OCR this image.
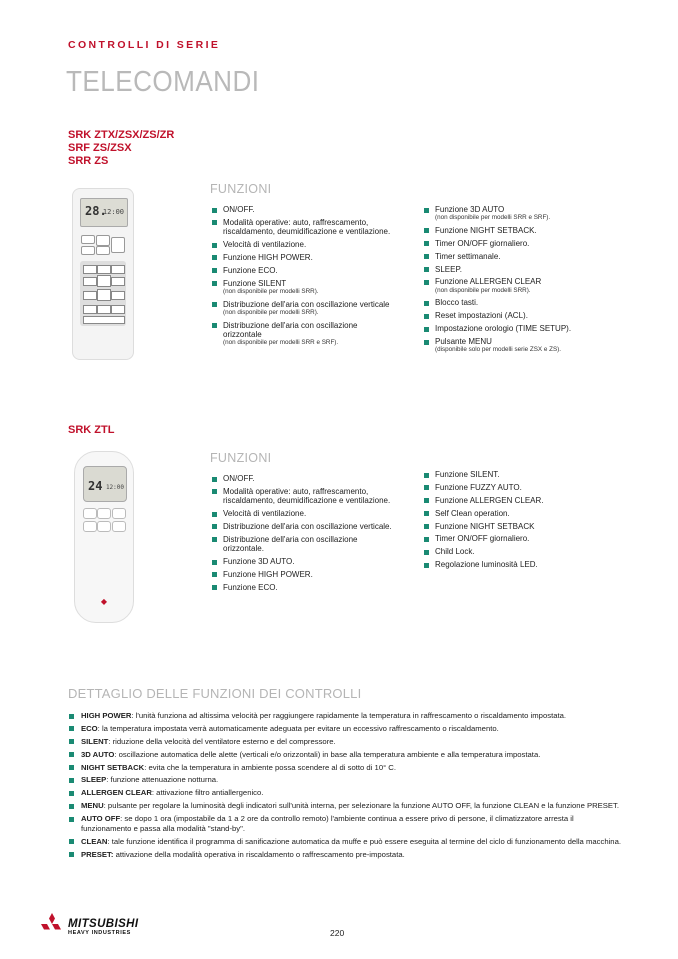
CONTROLLI DI SERIE
TELECOMANDI
SRK ZTX/ZSX/ZS/ZR
SRF ZS/ZSX
SRR ZS
28.
12:00
FUNZIONI
ON/OFF.
Modalità operative: auto, raffrescamento, riscaldamento, deumidificazione e ventilazione.
Velocità di ventilazione.
Funzione HIGH POWER.
Funzione ECO.
Funzione SILENT
(non disponibile per modelli SRR).
Distribuzione dell'aria con oscillazione verticale
(non disponibile per modelli SRR).
Distribuzione dell'aria con oscillazione orizzontale
(non disponibile per modelli SRR e SRF).
Funzione 3D AUTO
(non disponibile per modelli SRR e SRF).
Funzione NIGHT SETBACK.
Timer ON/OFF giornaliero.
Timer settimanale.
SLEEP.
Funzione ALLERGEN CLEAR
(non disponibile per modelli SRR).
Blocco tasti.
Reset impostazioni (ACL).
Impostazione orologio (TIME SETUP).
Pulsante MENU
(disponibile solo per modelli serie ZSX e ZS).
SRK ZTL
24 12:00
◆
FUNZIONI
ON/OFF.
Modalità operative: auto, raffrescamento, riscaldamento, deumidificazione e ventilazione.
Velocità di ventilazione.
Distribuzione dell'aria con oscillazione verticale.
Distribuzione dell'aria con oscillazione orizzontale.
Funzione 3D AUTO.
Funzione HIGH POWER.
Funzione ECO.
Funzione SILENT.
Funzione FUZZY AUTO.
Funzione ALLERGEN CLEAR.
Self Clean operation.
Funzione NIGHT SETBACK
Timer ON/OFF giornaliero.
Child Lock.
Regolazione luminosità LED.
DETTAGLIO DELLE FUNZIONI DEI CONTROLLI
HIGH POWER: l'unità funziona ad altissima velocità per raggiungere rapidamente la temperatura in raffrescamento o riscaldamento impostata.
ECO: la temperatura impostata verrà automaticamente adeguata per evitare un eccessivo raffrescamento o riscaldamento.
SILENT: riduzione della velocità del ventilatore esterno e del compressore.
3D AUTO: oscillazione automatica delle alette (verticali e/o orizzontali) in base alla temperatura ambiente e alla temperatura impostata.
NIGHT SETBACK: evita che la temperatura in ambiente possa scendere al di sotto di 10° C.
SLEEP: funzione attenuazione notturna.
ALLERGEN CLEAR: attivazione filtro antiallergenico.
MENU: pulsante per regolare la luminosità degli indicatori sull'unità interna, per selezionare la funzione AUTO OFF, la funzione CLEAN e la funzione PRESET.
AUTO OFF: se dopo 1 ora (impostabile da 1 a 2 ore da controllo remoto) l'ambiente continua a essere privo di persone, il climatizzatore arresta il funzionamento e passa alla modalità "stand-by".
CLEAN: tale funzione identifica il programma di sanificazione automatica da muffe e può essere eseguita al termine del ciclo di funzionamento della macchina.
PRESET: attivazione della modalità operativa in riscaldamento o raffrescamento pre-impostata.
MITSUBISHI
HEAVY INDUSTRIES	220
